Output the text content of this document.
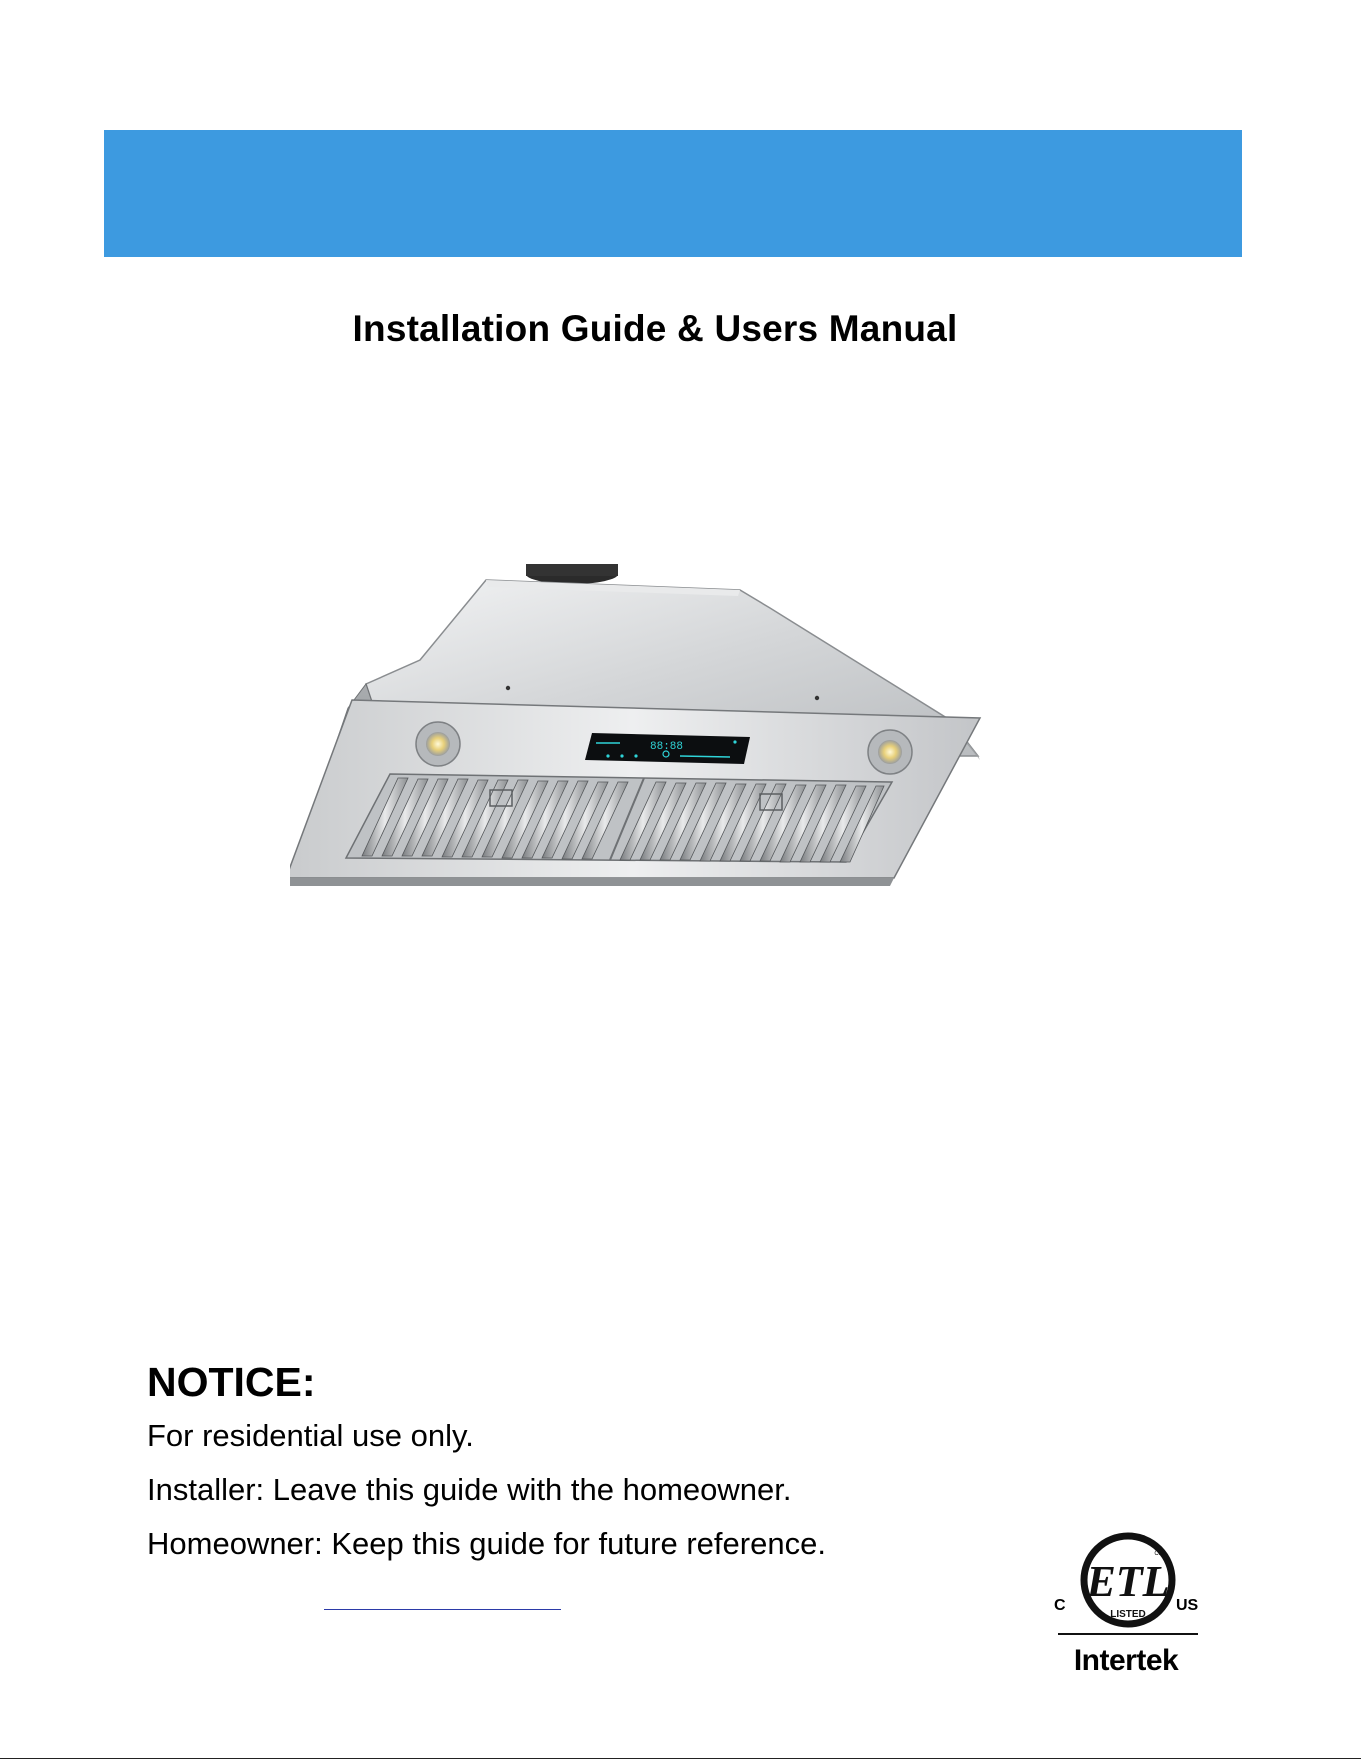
Installation Guide & Users Manual
88:88
NOTICE:
For residential use only.
Installer: Leave this guide with the homeowner.
Homeowner: Keep this guide for future reference.
ETL
LISTED
CM
C	US
Intertek
